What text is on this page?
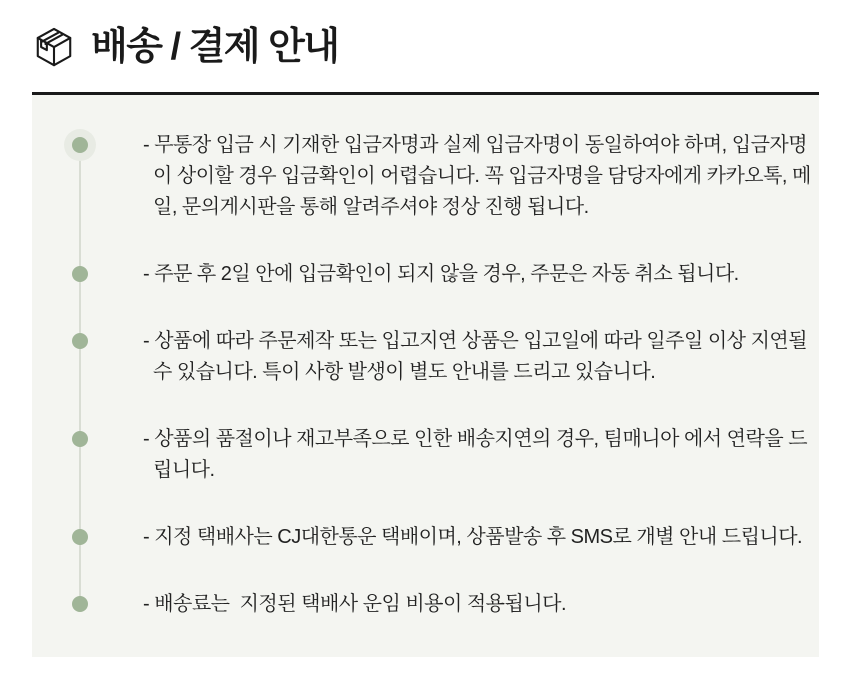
배송 / 결제 안내

- 무통장 입금 시 기재한 입금자명과 실제 입금자명이 동일하여야 하며, 입금자명이 상이할 경우 입금확인이 어렵습니다. 꼭 입금자명을 담당자에게 카카오톡, 메일, 문의게시판을 통해 알려주셔야 정상 진행 됩니다.

- 주문 후 2일 안에 입금확인이 되지 않을 경우, 주문은 자동 취소 됩니다.

- 상품에 따라 주문제작 또는 입고지연 상품은 입고일에 따라 일주일 이상 지연될 수 있습니다. 특이 사항 발생이 별도 안내를 드리고 있습니다.

- 상품의 품절이나 재고부족으로 인한 배송지연의 경우, 팀매니아 에서 연락을 드립니다.

- 지정 택배사는 CJ대한통운 택배이며, 상품발송 후 SMS로 개별 안내 드립니다.

- 배송료는  지정된 택배사 운임 비용이 적용됩니다.
